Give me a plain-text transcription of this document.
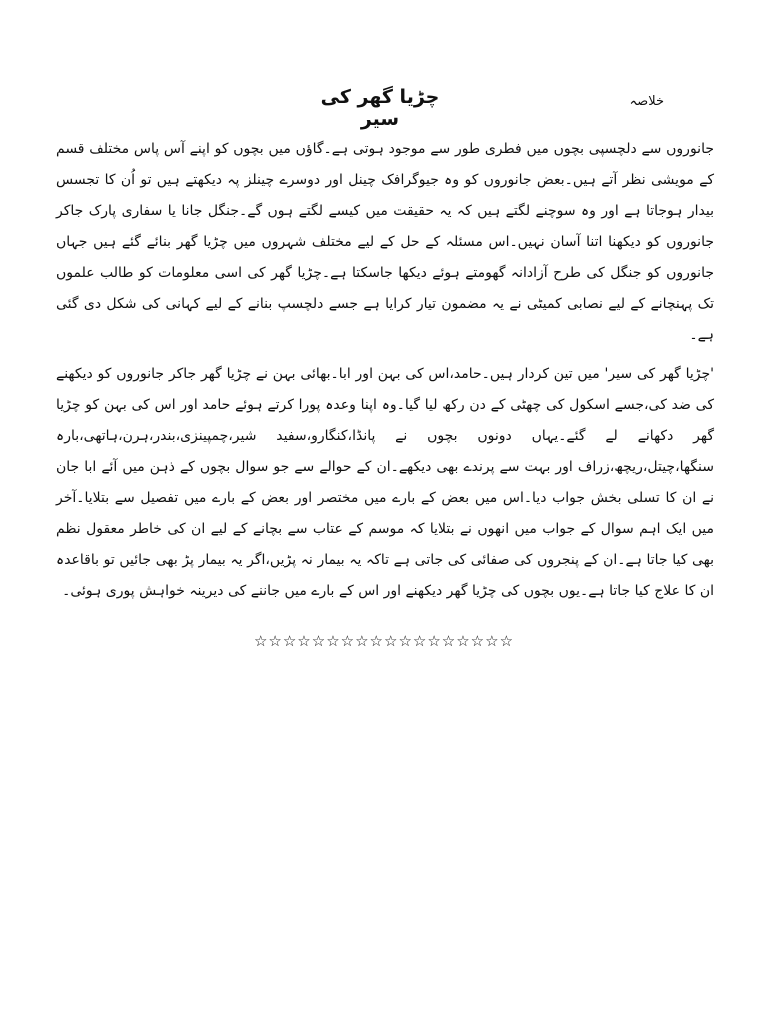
خلاصہ
چڑیا گھر کی سیر

جانوروں سے دلچسپی بچوں میں فطری طور سے موجود ہوتی ہے۔گاؤں میں بچوں کو اپنے آس پاس مختلف قسم کے مویشی نظر آتے ہیں۔بعض جانوروں کو وہ جیوگرافک چینل اور دوسرے چینلز پہ دیکھتے ہیں تو اُن کا تجسس بیدار ہوجاتا ہے اور وہ سوچنے لگتے ہیں کہ یہ حقیقت میں کیسے لگتے ہوں گے۔جنگل جانا یا سفاری پارک جاکر جانوروں کو دیکھنا اتنا آسان نہیں۔اس مسئلہ کے حل کے لیے مختلف شہروں میں چڑیا گھر بنائے گئے ہیں جہاں جانوروں کو جنگل کی طرح آزادانہ گھومتے ہوئے دیکھا جاسکتا ہے۔چڑیا گھر کی اسی معلومات کو طالب علموں تک پہنچانے کے لیے نصابی کمیٹی نے یہ مضمون تیار کرایا ہے جسے دلچسپ بنانے کے لیے کہانی کی شکل دی گئی ہے۔

'چڑیا گھر کی سیر' میں تین کردار ہیں۔حامد،اس کی بہن اور ابا۔بھائی بہن نے چڑیا گھر جاکر جانوروں کو دیکھنے کی ضد کی،جسے اسکول کی چھٹی کے دن رکھ لیا گیا۔وہ اپنا وعدہ پورا کرتے ہوئے حامد اور اس کی بہن کو چڑیا گھر دکھانے لے گئے۔یہاں دونوں بچوں نے پانڈا،کنگارو،سفید شیر،چمپینزی،بندر،ہرن،ہاتھی،بارہ سنگھا،چیتل،ریچھ،زراف اور بہت سے پرندے بھی دیکھے۔ان کے حوالے سے جو سوال بچوں کے ذہن میں آئے ابا جان نے ان کا تسلی بخش جواب دیا۔اس میں بعض کے بارے میں مختصر اور بعض کے بارے میں تفصیل سے بتلایا۔آخر میں ایک اہم سوال کے جواب میں انھوں نے بتلایا کہ موسم کے عتاب سے بچانے کے لیے ان کی خاطر معقول نظم بھی کیا جاتا ہے۔ان کے پنجروں کی صفائی کی جاتی ہے تاکہ یہ بیمار نہ پڑیں،اگر یہ بیمار پڑ بھی جائیں تو باقاعدہ ان کا علاج کیا جاتا ہے۔یوں بچوں کی چڑیا گھر دیکھنے اور اس کے بارے میں جاننے کی دیرینہ خواہش پوری ہوئی۔

☆☆☆☆☆☆☆☆☆☆☆☆☆☆☆☆☆☆
